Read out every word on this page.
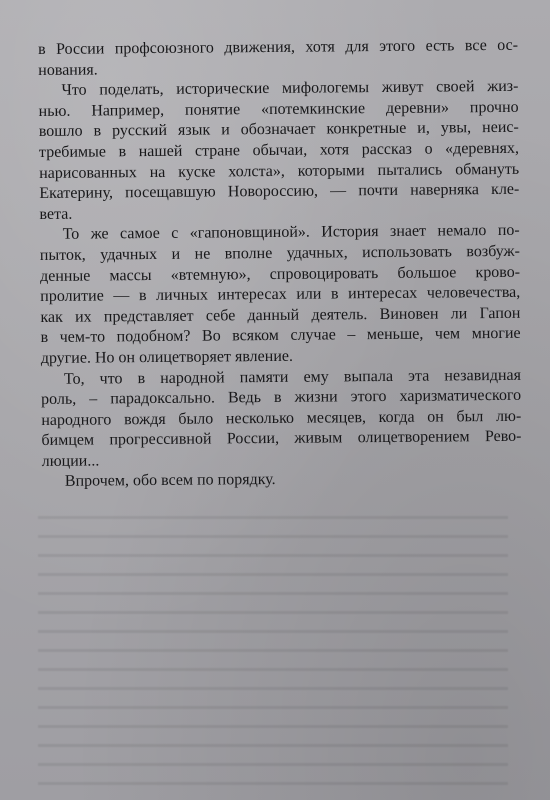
в России профсоюзного движения, хотя для этого есть все ос-
нования.
Что поделать, исторические мифологемы живут своей жиз-
нью. Например, понятие «потемкинские деревни» прочно
вошло в русский язык и обозначает конкретные и, увы, неис-
требимые в нашей стране обычаи, хотя рассказ о «деревнях,
нарисованных на куске холста», которыми пытались обмануть
Екатерину, посещавшую Новороссию, — почти наверняка кле-
вета.
То же самое с «гапоновщиной». История знает немало по-
пыток, удачных и не вполне удачных, использовать возбуж-
денные массы «втемную», спровоцировать большое крово-
пролитие — в личных интересах или в интересах человечества,
как их представляет себе данный деятель. Виновен ли Гапон
в чем-то подобном? Во всяком случае – меньше, чем многие
другие. Но он олицетворяет явление.
То, что в народной памяти ему выпала эта незавидная
роль, – парадоксально. Ведь в жизни этого харизматического
народного вождя было несколько месяцев, когда он был лю-
бимцем прогрессивной России, живым олицетворением Рево-
люции...
Впрочем, обо всем по порядку.
